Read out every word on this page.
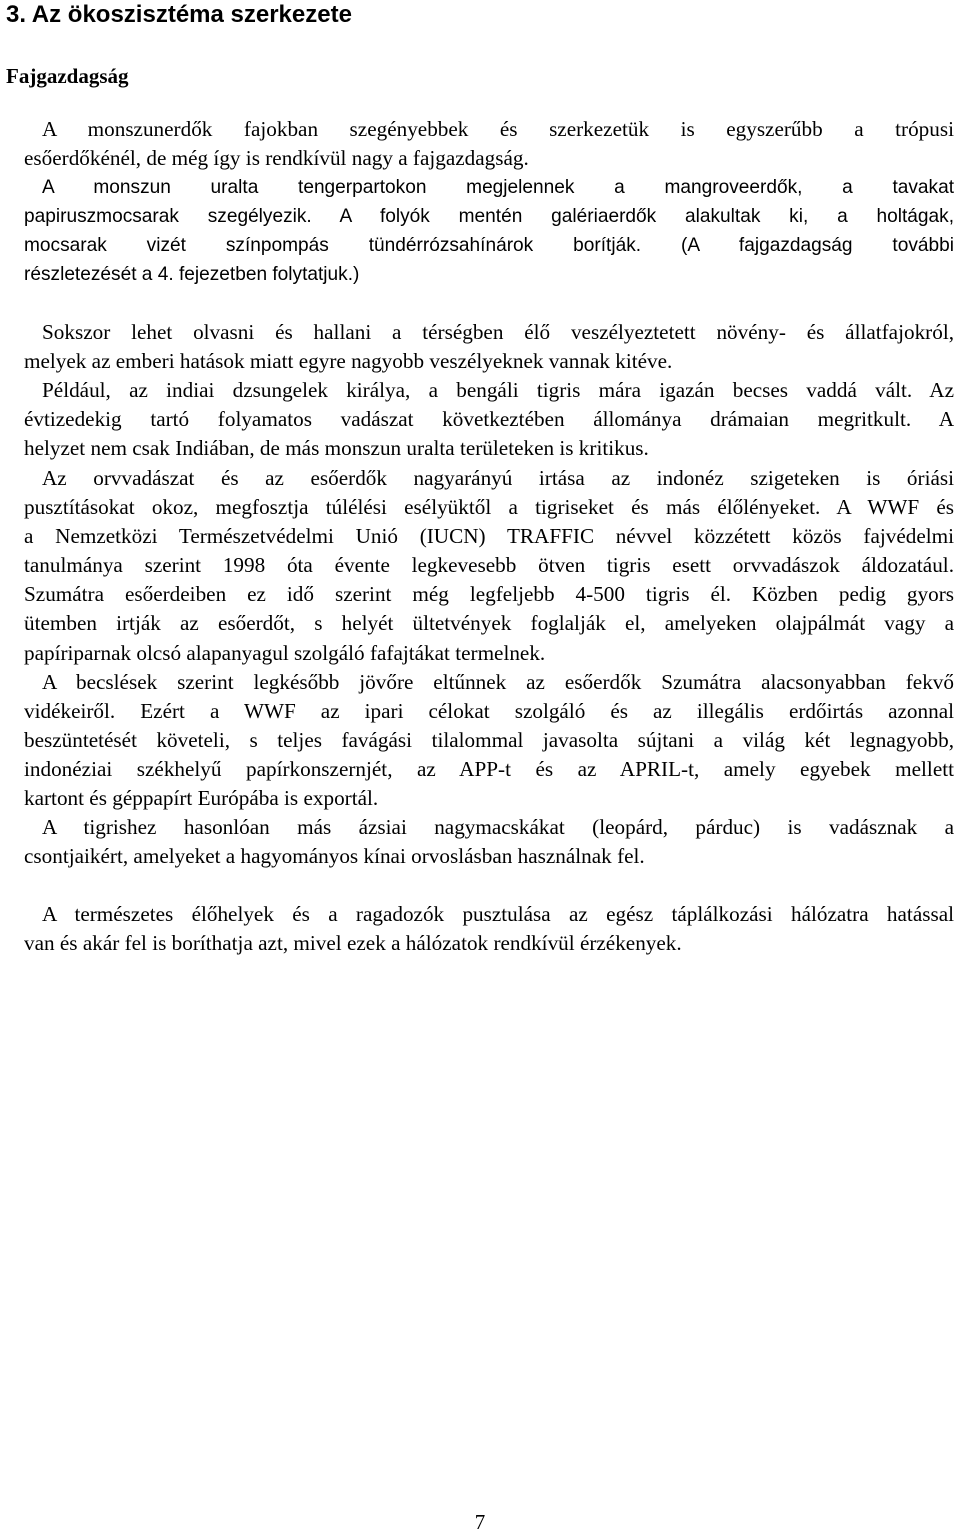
3. Az ökoszisztéma szerkezete
Fajgazdagság

A monszunerdők fajokban szegényebbek és szerkezetük is egyszerűbb a trópusi
esőerdőkénél, de még így is rendkívül nagy a fajgazdagság.

A monszun uralta tengerpartokon megjelennek a mangroveerdők, a tavakat
papiruszmocsarak szegélyezik. A folyók mentén galériaerdők alakultak ki, a holtágak,
mocsarak vizét színpompás tündérrózsahínárok borítják. (A fajgazdagság további
részletezését a 4. fejezetben folytatjuk.)

Sokszor lehet olvasni és hallani a térségben élő veszélyeztetett növény- és állatfajokról,
melyek az emberi hatások miatt egyre nagyobb veszélyeknek vannak kitéve.

Például, az indiai dzsungelek királya, a bengáli tigris mára igazán becses vaddá vált. Az
évtizedekig tartó folyamatos vadászat következtében állománya drámaian megritkult. A
helyzet nem csak Indiában, de más monszun uralta területeken is kritikus.

Az orvvadászat és az esőerdők nagyarányú irtása az indonéz szigeteken is óriási
pusztításokat okoz, megfosztja túlélési esélyüktől a tigriseket és más élőlényeket. A WWF és
a Nemzetközi Természetvédelmi Unió (IUCN) TRAFFIC névvel közzétett közös fajvédelmi
tanulmánya szerint 1998 óta évente legkevesebb ötven tigris esett orvvadászok áldozatául.
Szumátra esőerdeiben ez idő szerint még legfeljebb 4-500 tigris él. Közben pedig gyors
ütemben irtják az esőerdőt, s helyét ültetvények foglalják el, amelyeken olajpálmát vagy a
papíriparnak olcsó alapanyagul szolgáló fafajtákat termelnek.

A becslések szerint legkésőbb jövőre eltűnnek az esőerdők Szumátra alacsonyabban fekvő
vidékeiről. Ezért a WWF az ipari célokat szolgáló és az illegális erdőirtás azonnal
beszüntetését követeli, s teljes favágási tilalommal javasolta sújtani a világ két legnagyobb,
indonéziai székhelyű papírkonszernjét, az APP-t és az APRIL-t, amely egyebek mellett
kartont és géppapírt Európába is exportál.

A tigrishez hasonlóan más ázsiai nagymacskákat (leopárd, párduc) is vadásznak a
csontjaikért, amelyeket a hagyományos kínai orvoslásban használnak fel.

A természetes élőhelyek és a ragadozók pusztulása az egész táplálkozási hálózatra hatással
van és akár fel is boríthatja azt, mivel ezek a hálózatok rendkívül érzékenyek.

7
